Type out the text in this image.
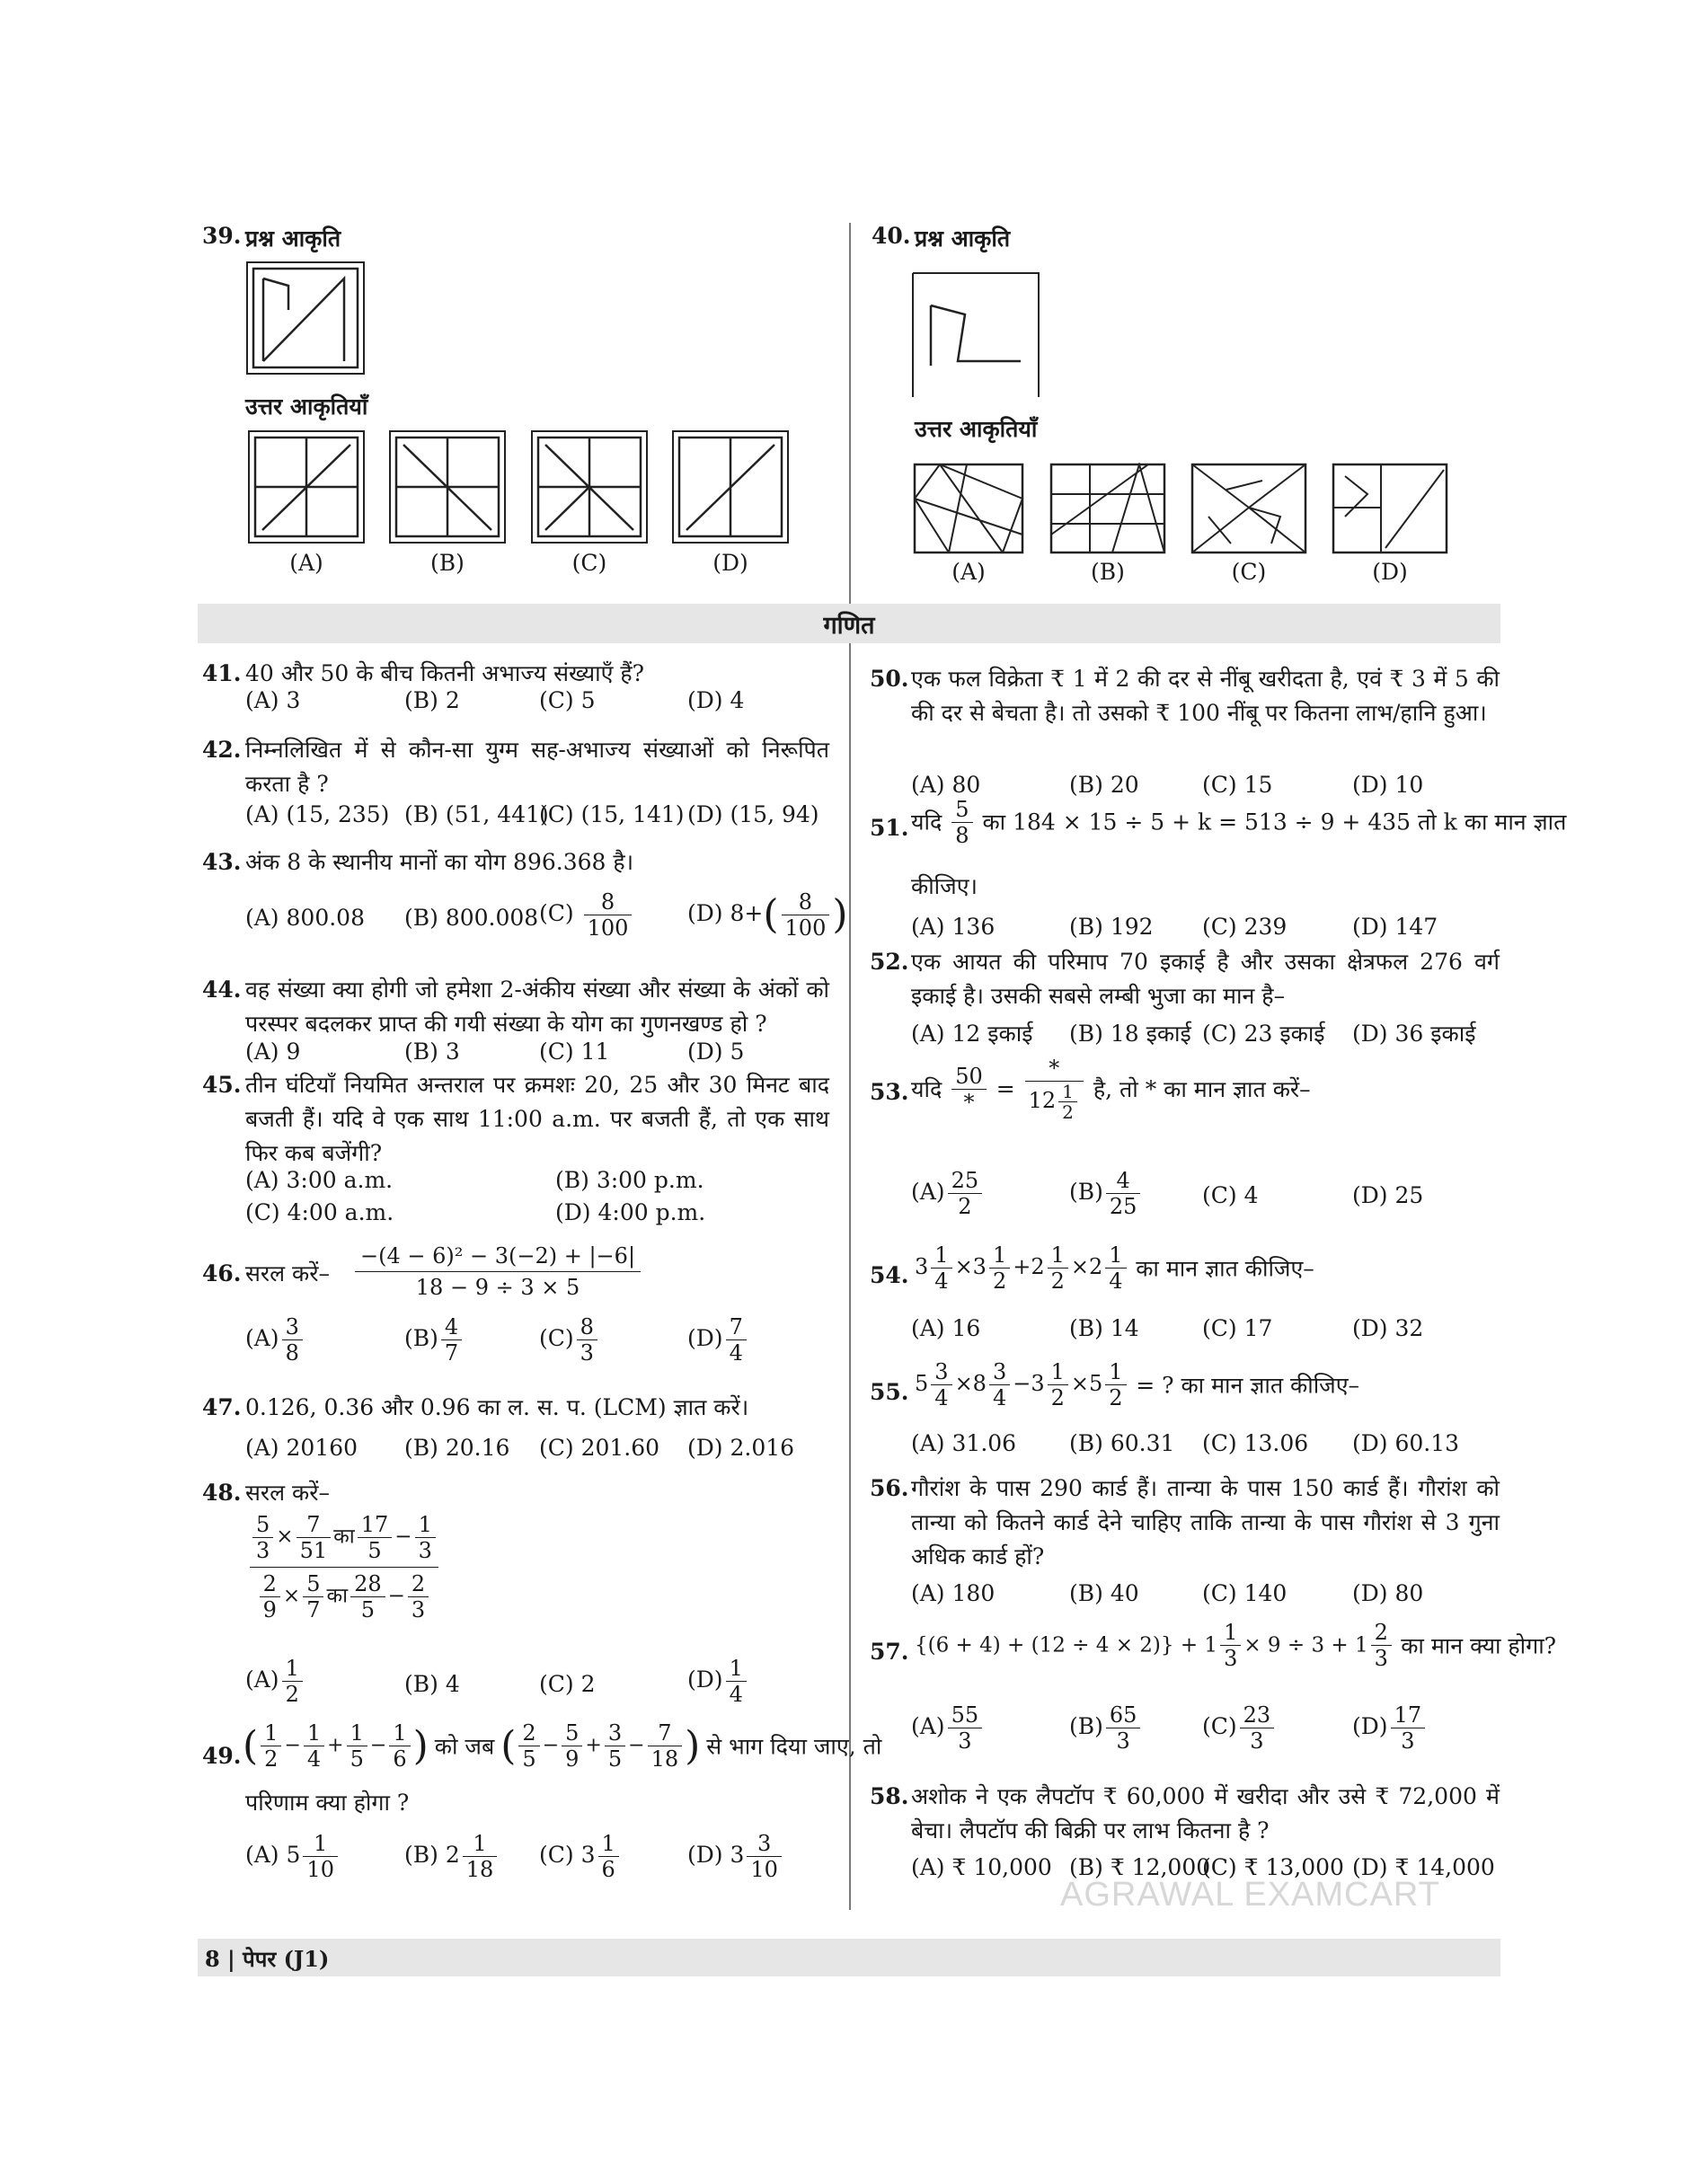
39. प्रश्न आकृति
उत्तर आकृतियाँ
(A)	(B)	(C)	(D)
40. प्रश्न आकृति
उत्तर आकृतियाँ
(A)	(B)	(C)	(D)
गणित
41. 40 और 50 के बीच कितनी अभाज्य संख्याएँ हैं?
(A) 3	(B) 2	(C) 5	(D) 4
42. निम्नलिखित में से कौन-सा युग्म सह-अभाज्य संख्याओं को निरूपित करता है ?
(A) (15, 235) (B) (51, 441)
(C) (15, 141) (D) (15, 94)
43. अंक 8 के स्थानीय मानों का योग 896.368 है।
(A) 800.08 (B) 800.008 $(C) \frac{8}{100} (D)$ $8+( \frac{8}{100}$ )
44. वह संख्या क्या होगी जो हमेशा 2-अंकीय संख्या और संख्या के अंकों को परस्पर बदलकर प्राप्त की गयी संख्या के योग का गुणनखण्ड हो ?
(A) 9	(B) 3	(C) 11	(D) 5
45. तीन घंटियाँ नियमित अन्तराल पर क्रमशः 20, 25 और 30 मिनट बाद बजती हैं। यदि वे एक साथ 11:00 a.m. पर बजती हैं, तो एक साथ फिर कब बजेंगी?
(A) 3:00 a.m.	(B) 3:00 p.m.
(C) 4:00 a.m.	(D) 4:00 p.m.
46. सरल करें– $\frac{\text{−(4 − 6)² − 3(−2) + |−6|}}{18 - 9 \div 3 \times 5}$
$(A) \frac{3}{8}$	$(B) \frac{4}{7}$	$(C) \frac{8}{3}$	$(D) \frac{7}{4}$
47. 0.126, 0.36 और 0.96 का ल. स. प. (LCM) ज्ञात करें।
(A) 20160 (B) 20.16 (C) 201.60 (D) 2.016
48. सरल करें–
$\frac{5}{3} \times \frac{7}{51}$ का $\frac{17}{5} - \frac{1}{3}$
$\frac{2}{9} \times \frac{5}{7}$ का $\frac{28}{5} - \frac{2}{3}$
$(A) \frac{1}{2}$	(B) 4	(C) 2	$(D) \frac{1}{4}$
49. ( $\frac{1}{2} - \frac{1}{4} + \frac{1}{5} - \frac{1}{6}$ ) को जब ( $\frac{2}{5} - \frac{5}{9} + \frac{3}{5} - \frac{7}{18}$ ) से भाग दिया जाए, तो
परिणाम क्या होगा ?
(A) $5 \frac{1}{10}$	(B) $2 \frac{1}{18} (C)$ $3 \frac{1}{6}$	(D) $3 \frac{3}{10}$
50. एक फल विक्रेता ₹ 1 में 2 की दर से नींबू खरीदता है, एवं ₹ 3 में 5 की की दर से बेचता है। तो उसको ₹ 100 नींबू पर कितना लाभ/हानि हुआ।
(A) 80	(B) 20	(C) 15	(D) 10
51. यदि $\frac{5}{8}$ का 184 × 15 ÷ 5 + k = 513 ÷ 9 + 435 तो k का मान ज्ञात
कीजिए।
(A) 136	(B) 192 (C) 239	(D) 147
52. एक आयत की परिमाप 70 इकाई है और उसका क्षेत्रफल 276 वर्ग इकाई है। उसकी सबसे लम्बी भुजा का मान है–
(A) 12 इकाई (B) 18 इकाई (C) 23 इकाई (D) 36 इकाई
53. यदि $\frac{50}{*} = \frac{*}{12 \frac{1}{2}}$ है, तो * का मान ज्ञात करें–
$(A) \frac{25}{2}$	$(B) \frac{4}{25}$	(C) 4	(D) 25
54. $3 \frac{1}{4} \times 3 \frac{1}{2} +2 \frac{1}{2} \times 2 \frac{1}{4}$ का मान ज्ञात कीजिए–
(A) 16	(B) 14	(C) 17	(D) 32
55. $5 \frac{3}{4} \times 8 \frac{3}{4} -3 \frac{1}{2} \times 5 \frac{1}{2}$ = ? का मान ज्ञात कीजिए–
(A) 31.06 (B) 60.31 (C) 13.06 (D) 60.13
56. गौरांश के पास 290 कार्ड हैं। तान्या के पास 150 कार्ड हैं। गौरांश को तान्या को कितने कार्ड देने चाहिए ताकि तान्या के पास गौरांश से 3 गुना अधिक कार्ड हों?
(A) 180	(B) 40	(C) 140	(D) 80
57. $\{(6 + 4) + (12 \div 4 \times 2)\} + 1 \frac{1}{3} \times 9 \div 3 + 1 \frac{2}{3}$ का मान क्या होगा?
$(A) \frac{55}{3}$	$(B) \frac{65}{3}$	$(C) \frac{23}{3}$	$(D) \frac{17}{3}$
58. अशोक ने एक लैपटॉप ₹ 60,000 में खरीदा और उसे ₹ 72,000 में बेचा। लैपटॉप की बिक्री पर लाभ कितना है ?
(A) ₹ 10,000 (B) ₹ 12,000
(C) ₹ 13,000 (D) ₹ 14,000
AGRAWAL EXAMCART
8 | पेपर (J1)
